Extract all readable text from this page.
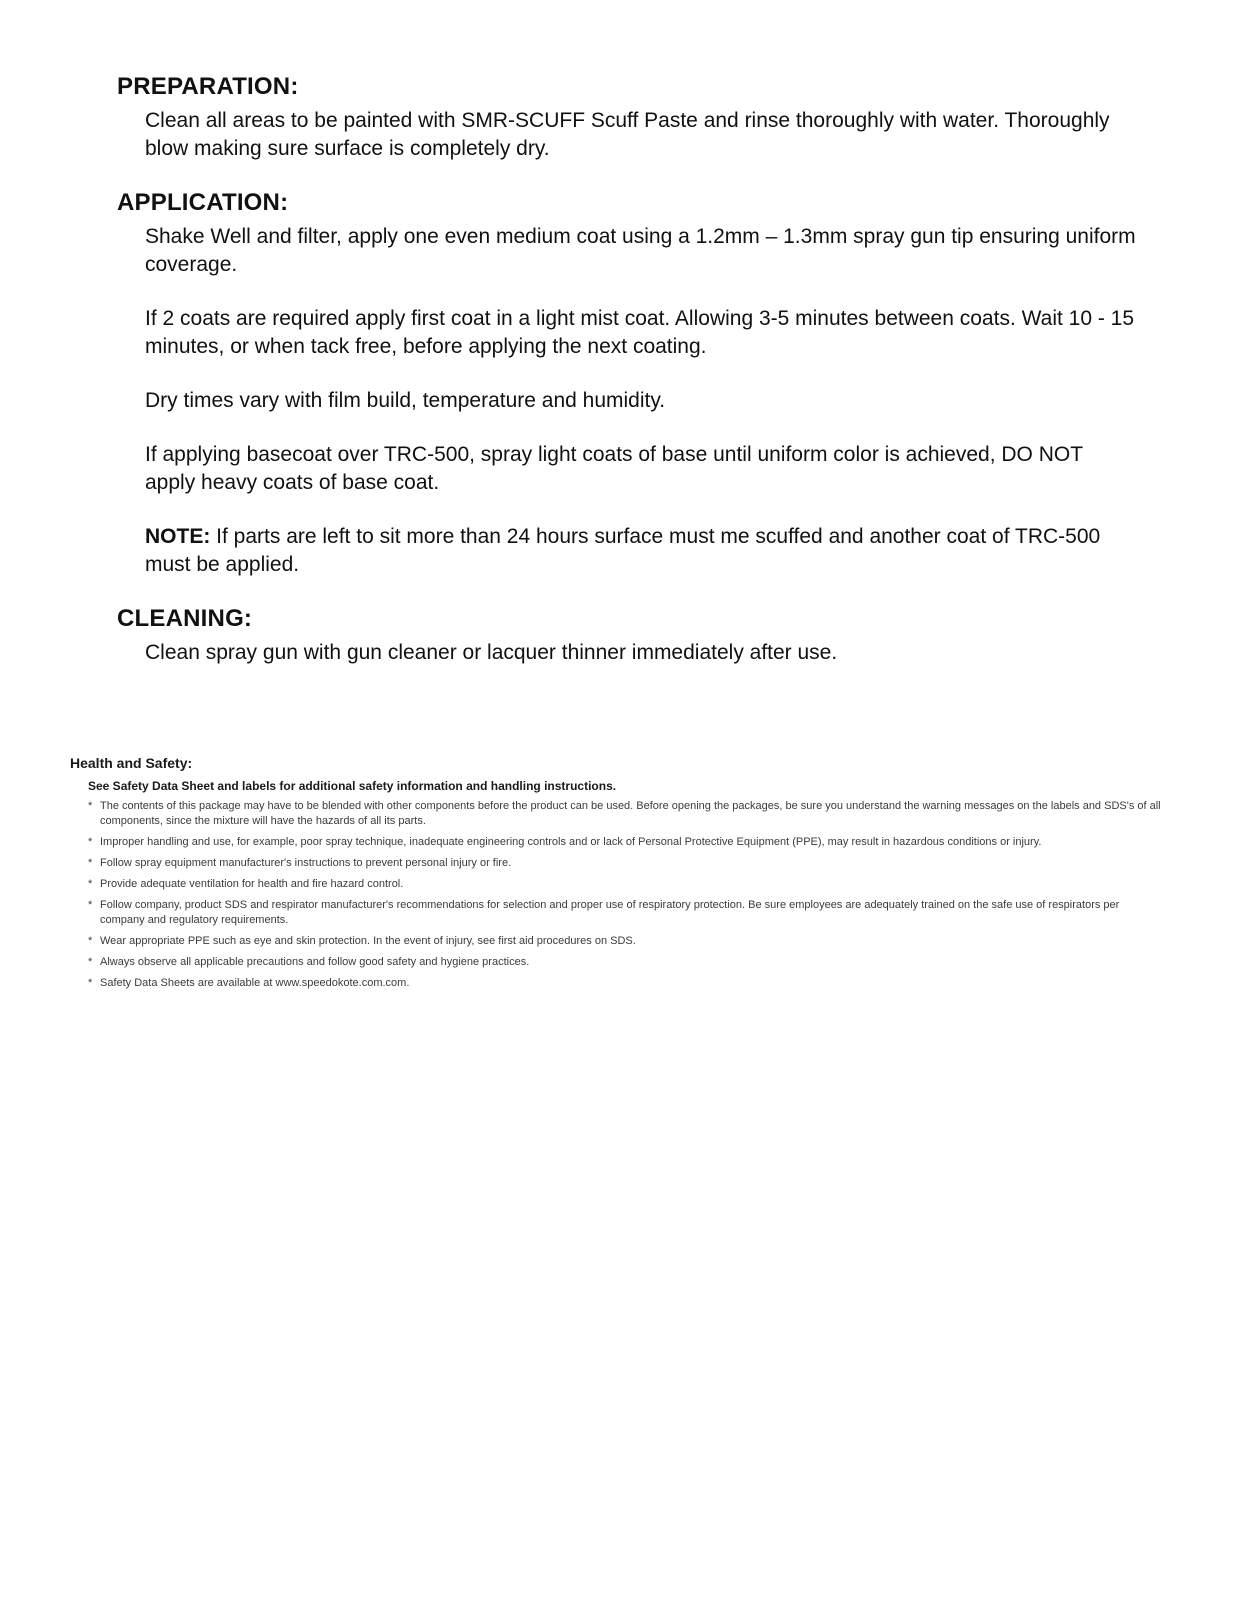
PREPARATION:

Clean all areas to be painted with SMR-SCUFF Scuff Paste and rinse thoroughly with water. Thoroughly blow making sure surface is completely dry.

APPLICATION:

Shake Well and filter, apply one even medium coat using a 1.2mm – 1.3mm spray gun tip ensuring uniform coverage.

If 2 coats are required apply first coat in a light mist coat. Allowing 3-5 minutes between coats. Wait 10 - 15 minutes, or when tack free, before applying the next coating.

Dry times vary with film build, temperature and humidity.

If applying basecoat over TRC-500, spray light coats of base until uniform color is achieved, DO NOT apply heavy coats of base coat.

NOTE: If parts are left to sit more than 24 hours surface must me scuffed and another coat of TRC-500 must be applied.

CLEANING:

Clean spray gun with gun cleaner or lacquer thinner immediately after use.

Health and Safety:

See Safety Data Sheet and labels for additional safety information and handling instructions.

* The contents of this package may have to be blended with other components before the product can be used. Before opening the packages, be sure you understand the warning messages on the labels and SDS's of all components, since the mixture will have the hazards of all its parts.
* Improper handling and use, for example, poor spray technique, inadequate engineering controls and or lack of Personal Protective Equipment (PPE), may result in hazardous conditions or injury.
* Follow spray equipment manufacturer's instructions to prevent personal injury or fire.
* Provide adequate ventilation for health and fire hazard control.
* Follow company, product SDS and respirator manufacturer's recommendations for selection and proper use of respiratory protection. Be sure employees are adequately trained on the safe use of respirators per company and regulatory requirements.
* Wear appropriate PPE such as eye and skin protection. In the event of injury, see first aid procedures on SDS.
* Always observe all applicable precautions and follow good safety and hygiene practices.
* Safety Data Sheets are available at www.speedokote.com.com.
